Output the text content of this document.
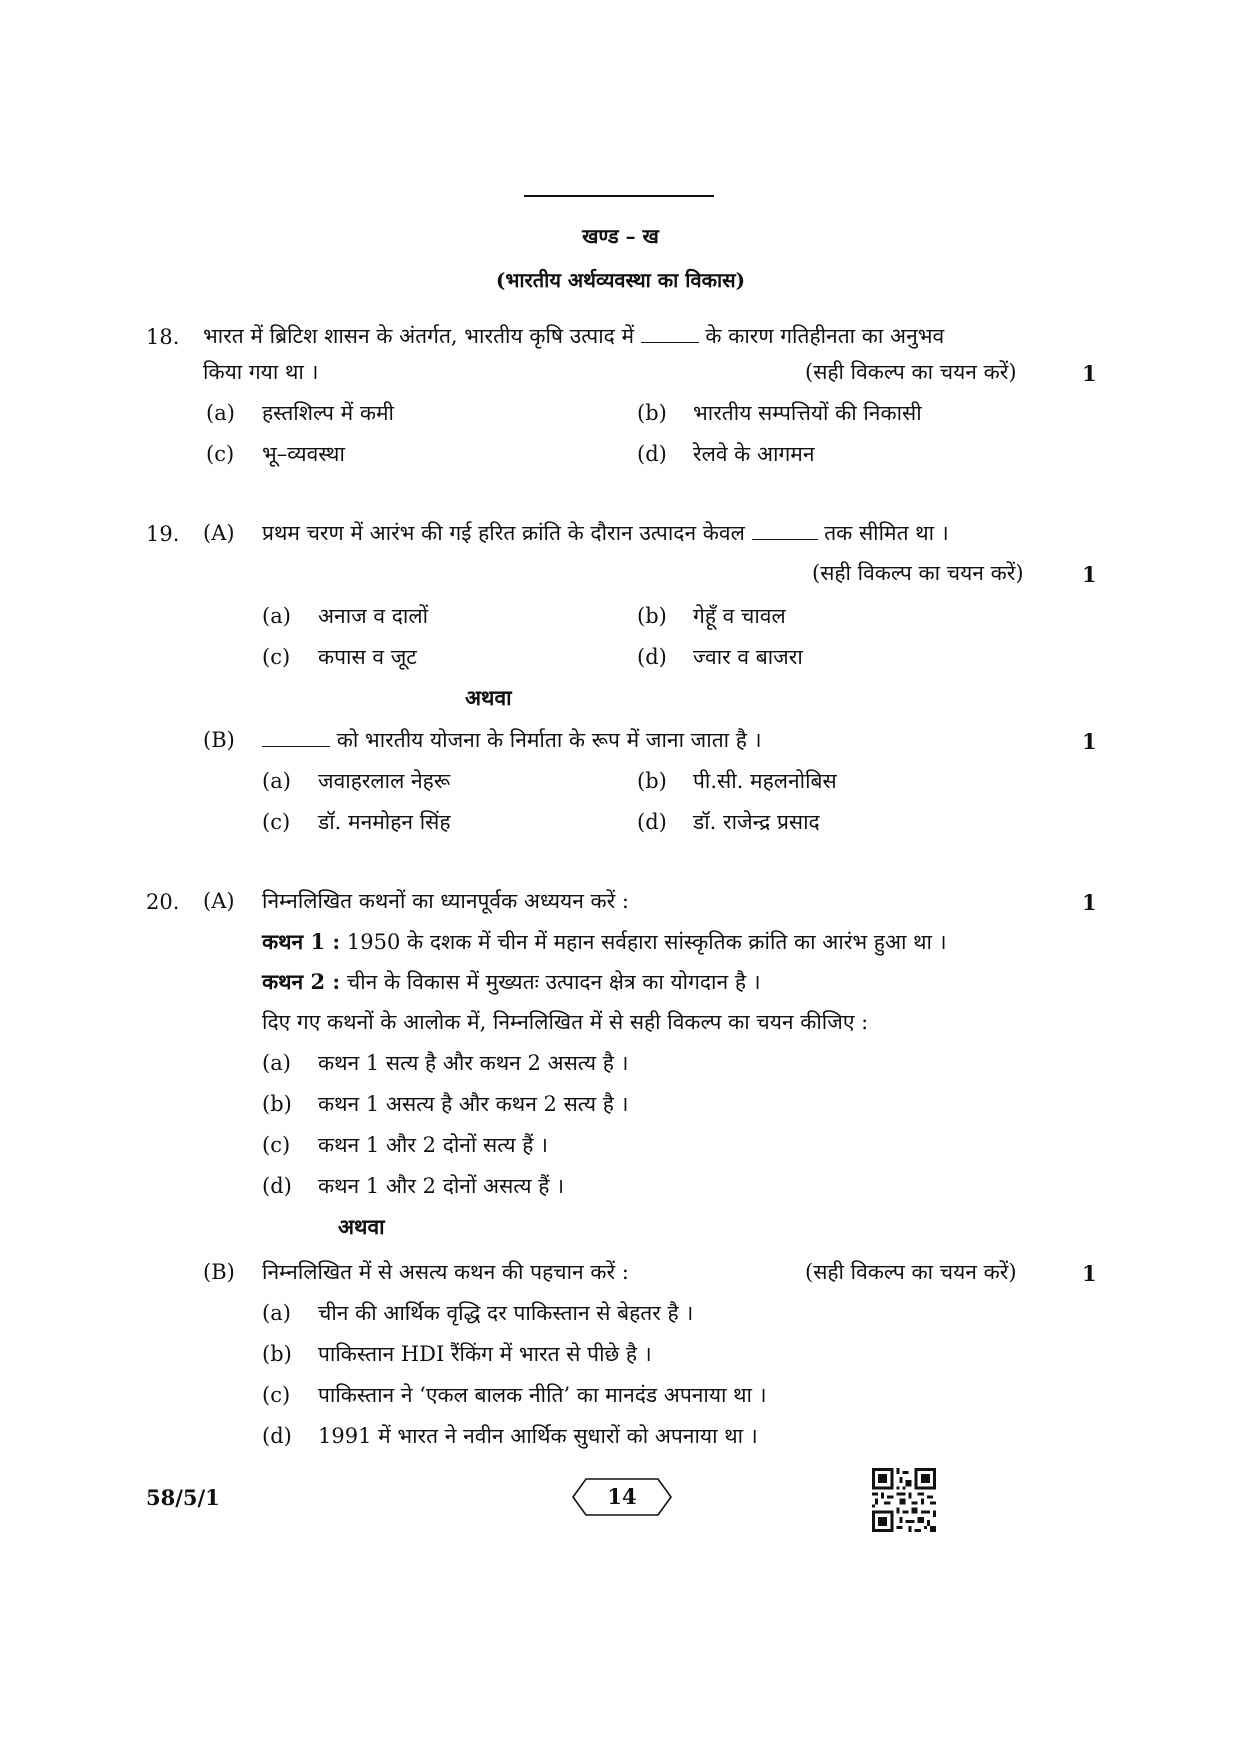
खण्ड – ख
(भारतीय अर्थव्यवस्था का विकास)
18. भारत में ब्रिटिश शासन के अंतर्गत, भारतीय कृषि उत्पाद में	के कारण गतिहीनता का अनुभव
किया गया था ।	(सही विकल्प का चयन करें)	1
(a) हस्तशिल्प में कमी	(b) भारतीय सम्पत्तियों की निकासी
(c) भू–व्यवस्था	(d) रेलवे के आगमन
19. (A) प्रथम चरण में आरंभ की गई हरित क्रांति के दौरान उत्पादन केवल	तक सीमित था ।
(सही विकल्प का चयन करें)	1
(a) अनाज व दालों	(b) गेहूँ व चावल
(c) कपास व जूट	(d) ज्वार व बाजरा
अथवा
(B)	को भारतीय योजना के निर्माता के रूप में जाना जाता है ।	1
(a) जवाहरलाल नेहरू	(b) पी.सी. महलनोबिस
(c) डॉ. मनमोहन सिंह	(d) डॉ. राजेन्द्र प्रसाद
20. (A) निम्नलिखित कथनों का ध्यानपूर्वक अध्ययन करें :	1
कथन 1 : 1950 के दशक में चीन में महान सर्वहारा सांस्कृतिक क्रांति का आरंभ हुआ था ।
कथन 2 : चीन के विकास में मुख्यतः उत्पादन क्षेत्र का योगदान है ।
दिए गए कथनों के आलोक में, निम्नलिखित में से सही विकल्प का चयन कीजिए :
(a) कथन 1 सत्य है और कथन 2 असत्य है ।
(b) कथन 1 असत्य है और कथन 2 सत्य है ।
(c) कथन 1 और 2 दोनों सत्य हैं ।
(d) कथन 1 और 2 दोनों असत्य हैं ।
अथवा
(B) निम्नलिखित में से असत्य कथन की पहचान करें :	(सही विकल्प का चयन करें)	1
(a) चीन की आर्थिक वृद्धि दर पाकिस्तान से बेहतर है ।
(b) पाकिस्तान HDI रैंकिंग में भारत से पीछे है ।
(c) पाकिस्तान ने ‘एकल बालक नीति’ का मानदंड अपनाया था ।
(d) 1991 में भारत ने नवीन आर्थिक सुधारों को अपनाया था ।
58/5/1	14
